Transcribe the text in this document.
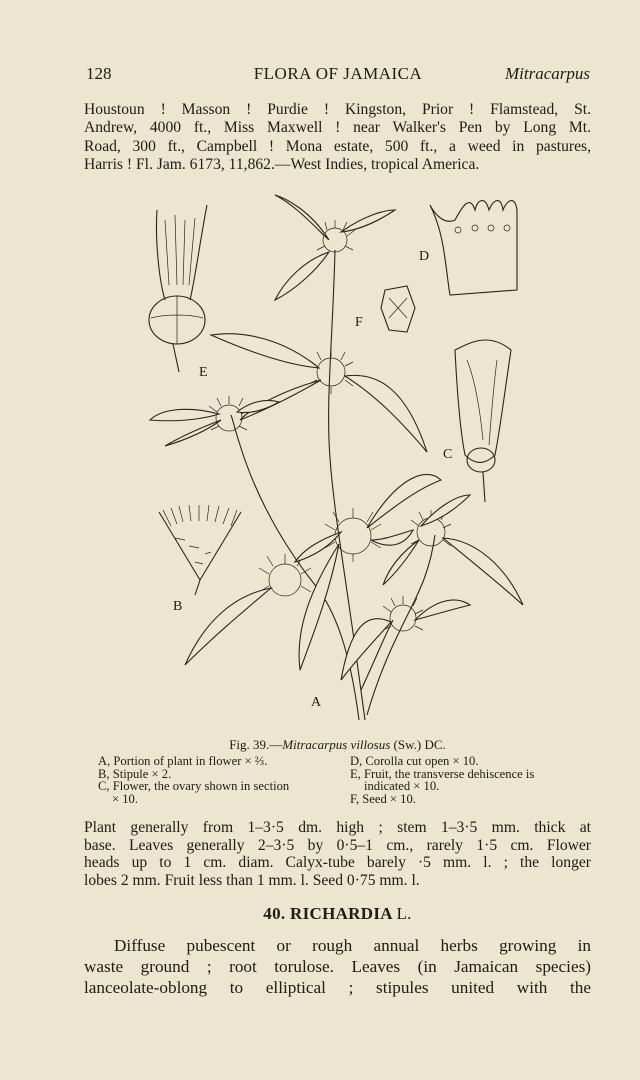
128	FLORA OF JAMAICA	Mitracarpus
Houstoun ! Masson ! Purdie ! Kingston, Prior ! Flamstead, St.
Andrew, 4000 ft., Miss Maxwell ! near Walker's Pen by Long Mt.
Road, 300 ft., Campbell ! Mona estate, 500 ft., a weed in pastures,
Harris ! Fl. Jam. 6173, 11,862.—West Indies, tropical America.
E
D
F
C
B
A
Fig. 39.—Mitracarpus villosus (Sw.) DC.
A, Portion of plant in flower × ⅔.
B, Stipule × 2.
C, Flower, the ovary shown in section
× 10.
D, Corolla cut open × 10.
E, Fruit, the transverse dehiscence is
indicated × 10.
F, Seed × 10.
Plant generally from 1–3·5 dm. high ; stem 1–3·5 mm. thick at
base. Leaves generally 2–3·5 by 0·5–1 cm., rarely 1·5 cm. Flower
heads up to 1 cm. diam. Calyx-tube barely ·5 mm. l. ; the longer
lobes 2 mm. Fruit less than 1 mm. l. Seed 0·75 mm. l.
40. RICHARDIA L.
Diffuse pubescent or rough annual herbs growing in
waste ground ; root torulose. Leaves (in Jamaican species)
lanceolate-oblong to elliptical ; stipules united with the
